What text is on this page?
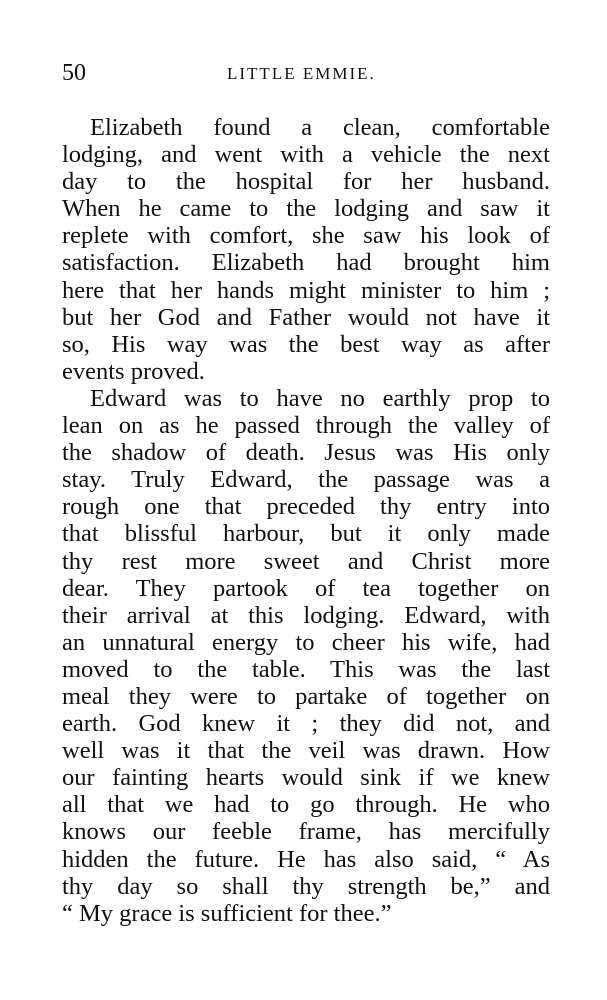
50	LITTLE EMMIE.
Elizabeth found a clean, comfortable
lodging, and went with a vehicle the next
day to the hospital for her husband.
When he came to the lodging and saw it
replete with comfort, she saw his look of
satisfaction. Elizabeth had brought him
here that her hands might minister to him ;
but her God and Father would not have it
so, His way was the best way as after
events proved.
Edward was to have no earthly prop to
lean on as he passed through the valley of
the shadow of death. Jesus was His only
stay. Truly Edward, the passage was a
rough one that preceded thy entry into
that blissful harbour, but it only made
thy rest more sweet and Christ more
dear. They partook of tea together on
their arrival at this lodging. Edward, with
an unnatural energy to cheer his wife, had
moved to the table. This was the last
meal they were to partake of together on
earth. God knew it ; they did not, and
well was it that the veil was drawn. How
our fainting hearts would sink if we knew
all that we had to go through. He who
knows our feeble frame, has mercifully
hidden the future. He has also said, “ As
thy day so shall thy strength be,” and
“ My grace is sufficient for thee.”
